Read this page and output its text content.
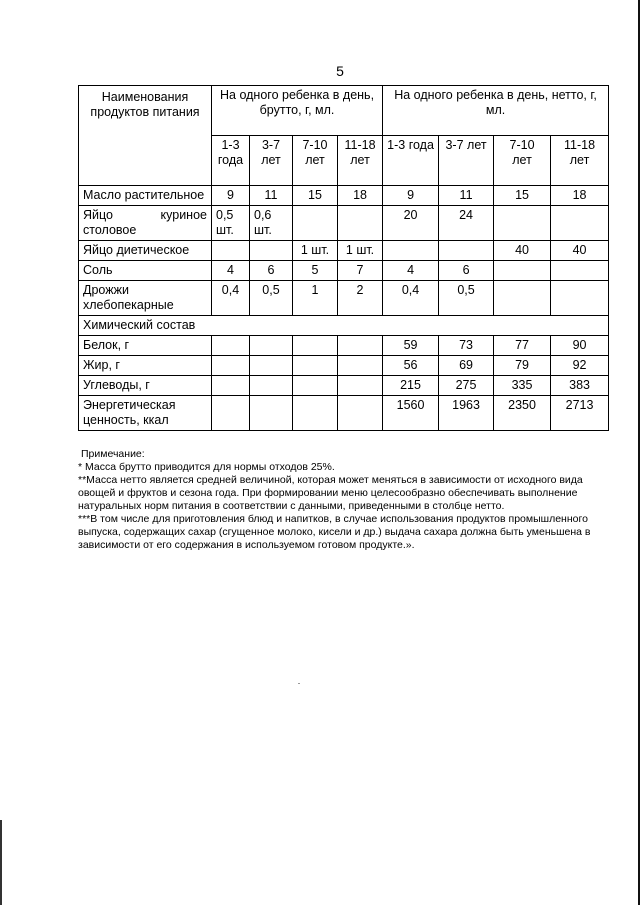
5
Наименования продуктов питания	На одного ребенка в день, брутто, г, мл.				На одного ребенка в день, нетто, г, мл.			
	1-3 года	3-7 лет	7-10 лет	11-18 лет	1-3 года	3-7 лет	7-10 лет	11-18 лет
Масло растительное	9	11	15	18	9	11	15	18
Яйцо куриное столовое	0,5 шт.	0,6 шт.			20	24		
Яйцо диетическое			1 шт.	1 шт.			40	40
Соль	4	6	5	7	4	6		
Дрожжи хлебопекарные	0,4	0,5	1	2	0,4	0,5		
Химический состав								
Белок, г					59	73	77	90
Жир, г					56	69	79	92
Углеводы, г					215	275	335	383
Энергетическая ценность, ккал					1560	1963	2350	2713
Примечание:
* Масса брутто приводится для нормы отходов 25%.
**Масса нетто является средней величиной, которая может меняться в зависимости от исходного вида овощей и фруктов и сезона года. При формировании меню целесообразно обеспечивать выполнение натуральных норм питания в соответствии с данными, приведенными в столбце нетто.
***В том числе для приготовления блюд и напитков, в случае использования продуктов промышленного выпуска, содержащих сахар (сгущенное молоко, кисели и др.) выдача сахара должна быть уменьшена в зависимости от его содержания в используемом готовом продукте.».
